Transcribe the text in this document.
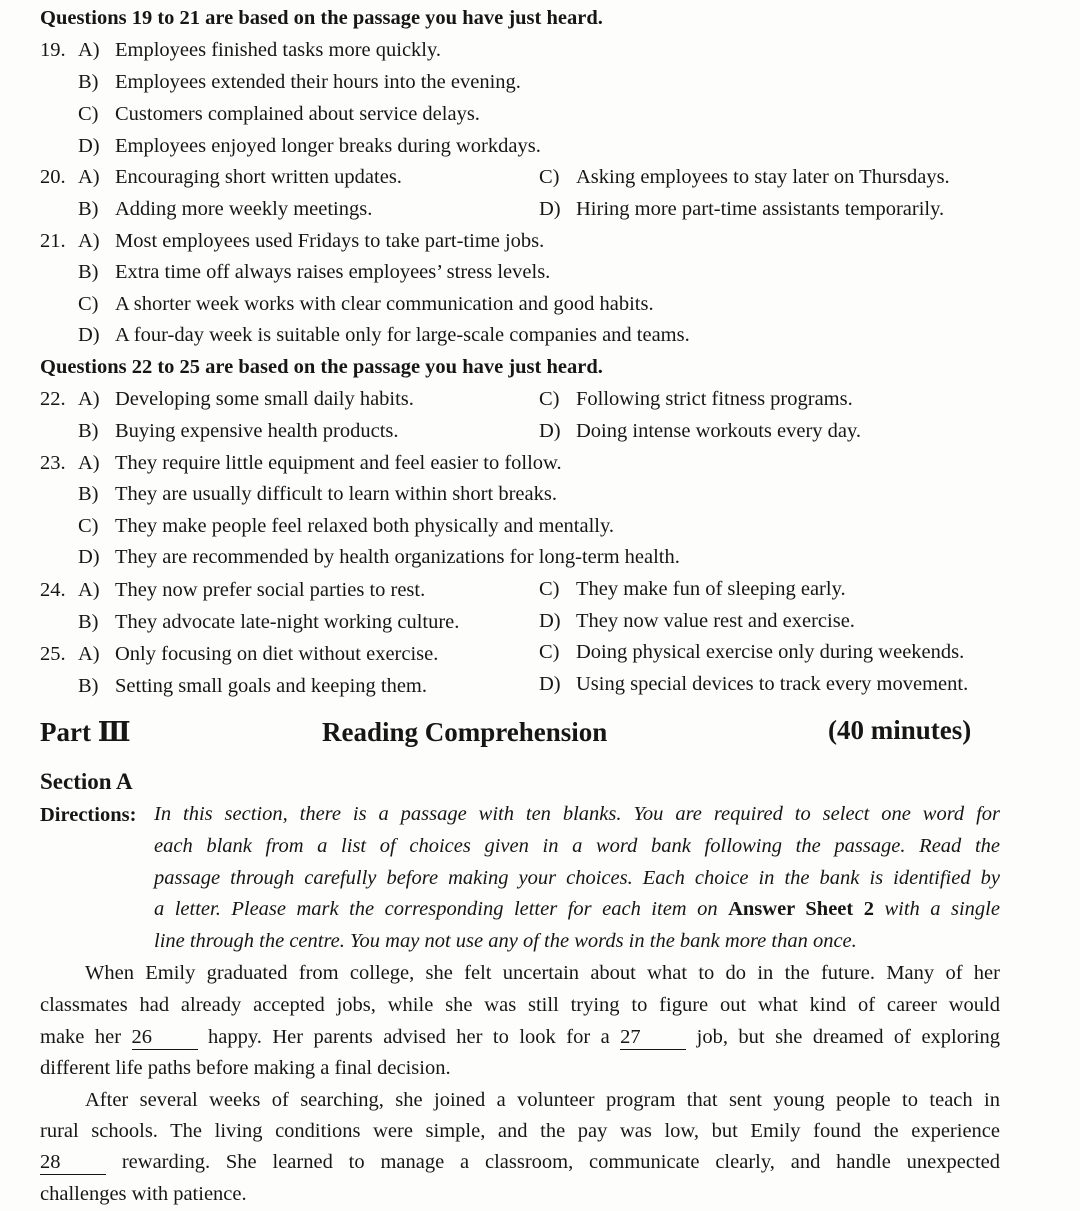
Questions 19 to 21 are based on the passage you have just heard.
19. A) Employees finished tasks more quickly.
B) Employees extended their hours into the evening.
C) Customers complained about service delays.
D) Employees enjoyed longer breaks during workdays.
20. A) Encouraging short written updates.	C) Asking employees to stay later on Thursdays.
B) Adding more weekly meetings.	D) Hiring more part-time assistants temporarily.
21. A) Most employees used Fridays to take part-time jobs.
B) Extra time off always raises employees’ stress levels.
C) A shorter week works with clear communication and good habits.
D) A four-day week is suitable only for large-scale companies and teams.
Questions 22 to 25 are based on the passage you have just heard.
22. A) Developing some small daily habits.	C) Following strict fitness programs.
B) Buying expensive health products.	D) Doing intense workouts every day.
23. A) They require little equipment and feel easier to follow.
B) They are usually difficult to learn within short breaks.
C) They make people feel relaxed both physically and mentally.
D) They are recommended by health organizations for long-term health.
24. A) They now prefer social parties to rest.	C) They make fun of sleeping early.
B) They advocate late-night working culture.	D) They now value rest and exercise.
25. A) Only focusing on diet without exercise.	C) Doing physical exercise only during weekends.
B) Setting small goals and keeping them.	D) Using special devices to track every movement.
Part Ⅲ	Reading Comprehension	(40 minutes)
Section A
Directions: In this section, there is a passage with ten blanks. You are required to select one word for
each blank from a list of choices given in a word bank following the passage. Read the
passage through carefully before making your choices. Each choice in the bank is identified by
a letter. Please mark the corresponding letter for each item on Answer Sheet 2 with a single
line through the centre. You may not use any of the words in the bank more than once.
When Emily graduated from college, she felt uncertain about what to do in the future. Many of her
classmates had already accepted jobs, while she was still trying to figure out what kind of career would
make her 26	happy. Her parents advised her to look for a 27	job, but she dreamed of exploring
different life paths before making a final decision.
After several weeks of searching, she joined a volunteer program that sent young people to teach in
rural schools. The living conditions were simple, and the pay was low, but Emily found the experience
28	rewarding. She learned to manage a classroom, communicate clearly, and handle unexpected
challenges with patience.
